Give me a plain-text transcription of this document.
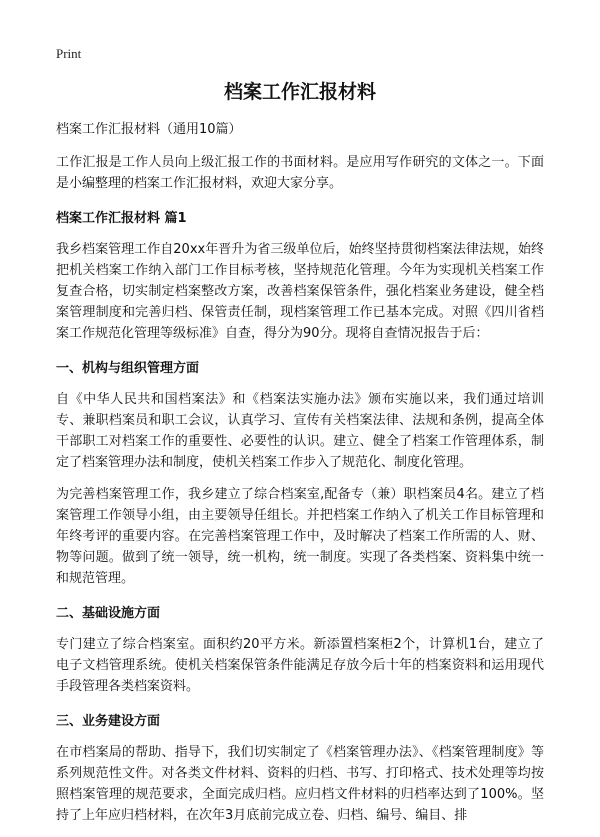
Print
档案工作汇报材料

档案工作汇报材料（通用10篇）

工作汇报是工作人员向上级汇报工作的书面材料。是应用写作研究的文体之一。下面是小编整理的档案工作汇报材料，欢迎大家分享。

档案工作汇报材料 篇1

我乡档案管理工作自20xx年晋升为省三级单位后，始终坚持贯彻档案法律法规，始终把机关档案工作纳入部门工作目标考核，坚持规范化管理。今年为实现机关档案工作复查合格，切实制定档案整改方案，改善档案保管条件，强化档案业务建设，健全档案管理制度和完善归档、保管责任制，现档案管理工作已基本完成。对照《四川省档案工作规范化管理等级标准》自查，得分为90分。现将自查情况报告于后：

一、机构与组织管理方面

自《中华人民共和国档案法》和《档案法实施办法》颁布实施以来，我们通过培训专、兼职档案员和职工会议，认真学习、宣传有关档案法律、法规和条例，提高全体干部职工对档案工作的重要性、必要性的认识。建立、健全了档案工作管理体系，制定了档案管理办法和制度，使机关档案工作步入了规范化、制度化管理。

为完善档案管理工作，我乡建立了综合档案室,配备专（兼）职档案员4名。建立了档案管理工作领导小组，由主要领导任组长。并把档案工作纳入了机关工作目标管理和年终考评的重要内容。在完善档案管理工作中，及时解决了档案工作所需的人、财、物等问题。做到了统一领导，统一机构，统一制度。实现了各类档案、资料集中统一和规范管理。

二、基础设施方面

专门建立了综合档案室。面积约20平方米。新添置档案柜2个，计算机1台，建立了电子文档管理系统。使机关档案保管条件能满足存放今后十年的档案资料和运用现代手段管理各类档案资料。

三、业务建设方面

在市档案局的帮助、指导下，我们切实制定了《档案管理办法》、《档案管理制度》等系列规范性文件。对各类文件材料、资料的归档、书写、打印格式、技术处理等均按照档案管理的规范要求，全面完成归档。应归档文件材料的归档率达到了100%。坚持了上年应归档材料，在次年3月底前完成立卷、归档、编号、编目、排
